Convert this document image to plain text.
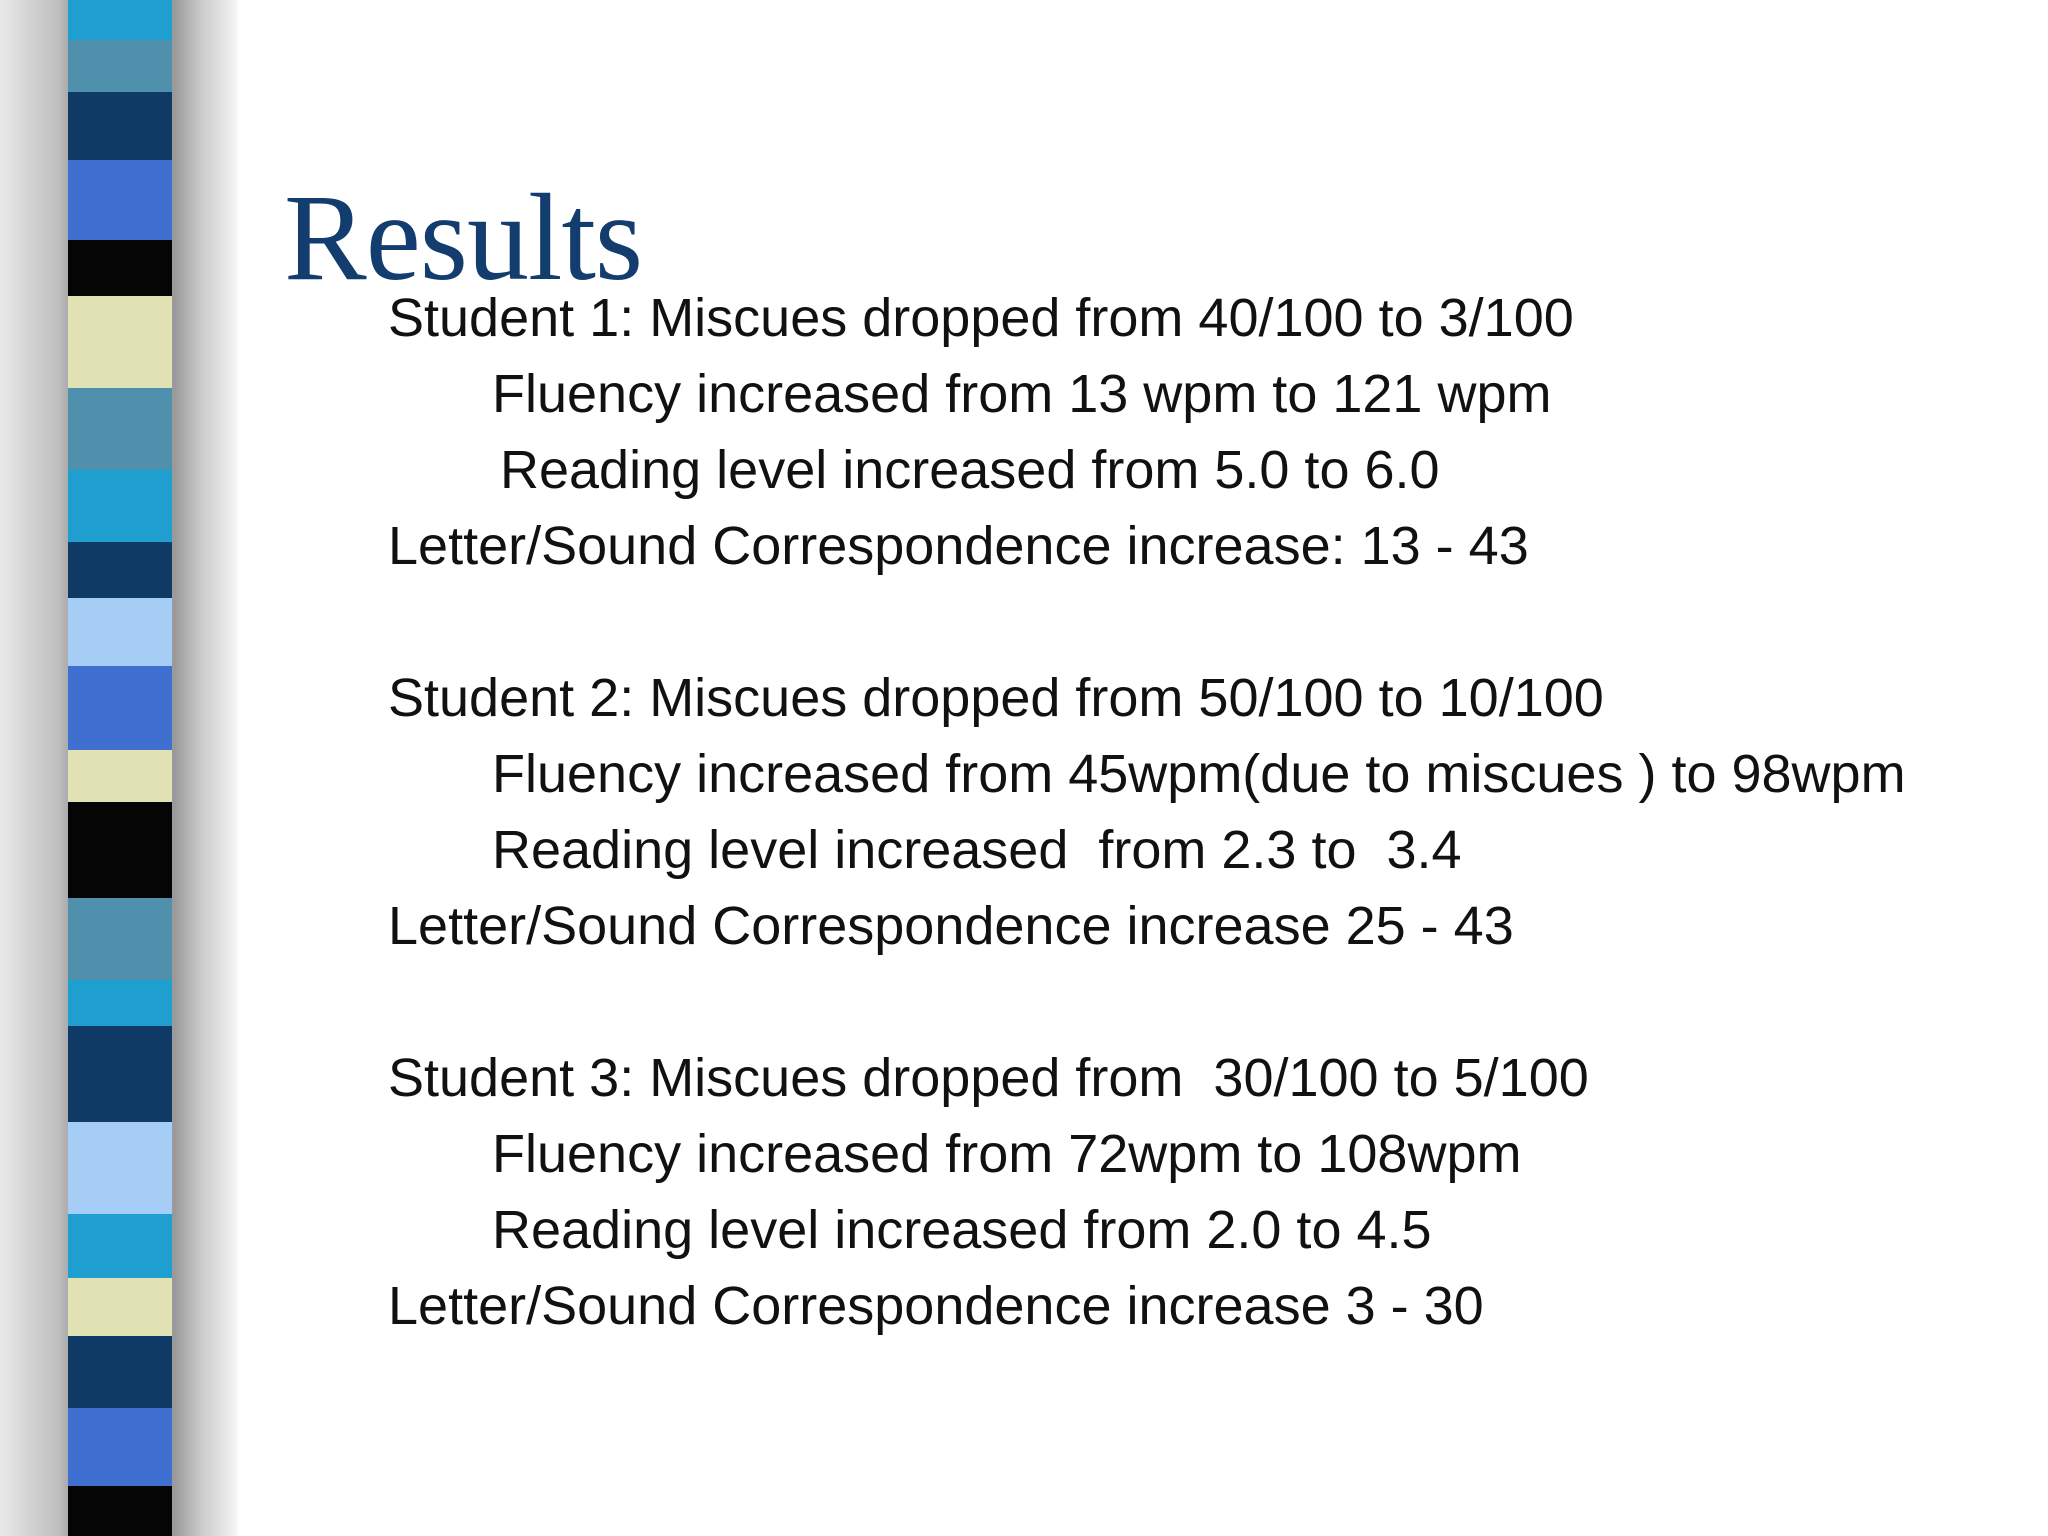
Results

Student 1: Miscues dropped from 40/100 to 3/100

Fluency increased from 13 wpm to 121 wpm

Reading level increased from 5.0 to 6.0

Letter/Sound Correspondence increase: 13 - 43

Student 2: Miscues dropped from 50/100 to 10/100

Fluency increased from 45wpm(due to miscues ) to 98wpm

Reading level increased  from 2.3 to  3.4

Letter/Sound Correspondence increase 25 - 43

Student 3: Miscues dropped from  30/100 to 5/100

Fluency increased from 72wpm to 108wpm

Reading level increased from 2.0 to 4.5

Letter/Sound Correspondence increase 3 - 30
